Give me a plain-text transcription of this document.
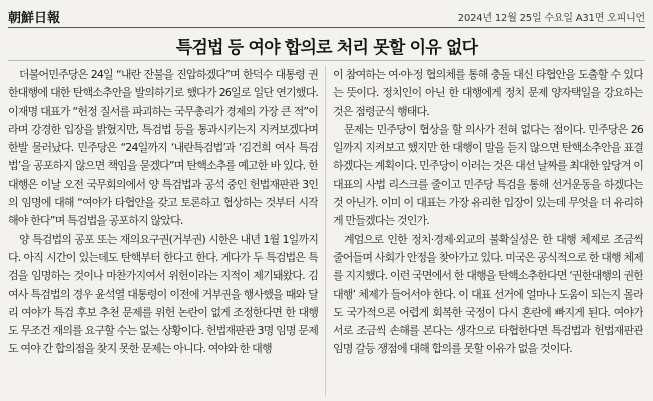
朝鮮日報	2024년 12월 25일 수요일 A31면 오피니언
특검법 등 여야 합의로 처리 못할 이유 없다

더불어민주당은 24일 “내란 잔불을 진압하겠다”며 한덕수 대통령 권한대행에 대한 탄핵소추안을 발의하기로 했다가 26일로 일단 연기했다. 이재명 대표가 “헌정 질서를 파괴하는 국무총리가 경제의 가장 큰 적”이라며 강경한 입장을 밝혔지만, 특검법 등을 통과시키는지 지켜보겠다며 한발 물러났다. 민주당은 “24일까지 ‘내란특검법’과 ‘김건희 여사 특검법’을 공포하지 않으면 책임을 묻겠다”며 탄핵소추를 예고한 바 있다. 한 대행은 이날 오전 국무회의에서 양 특검법과 공석 중인 헌법재판관 3인의 임명에 대해 “여야가 타협안을 갖고 토론하고 협상하는 것부터 시작해야 한다”며 특검법을 공포하지 않았다.

양 특검법의 공포 또는 재의요구권(거부권) 시한은 내년 1월 1일까지다. 아직 시간이 있는데도 탄핵부터 한다고 한다. 게다가 두 특검법은 특검을 임명하는 것이나 마찬가지여서 위헌이라는 지적이 제기돼왔다. 김 여사 특검법의 경우 윤석열 대통령이 이전에 거부권을 행사했을 때와 달리 여야가 특검 후보 추천 문제를 위헌 논란이 없게 조정한다면 한 대행도 무조건 재의를 요구할 수는 없는 상황이다. 헌법재판관 3명 임명 문제도 여야 간 합의점을 찾지 못한 문제는 아니다. 여야와 한 대행

이 참여하는 여·야·정 협의체를 통해 충돌 대신 타협안을 도출할 수 있다는 뜻이다. 정치인이 아닌 한 대행에게 정치 문제 양자택일을 강요하는 것은 점령군식 행태다.

문제는 민주당이 협상을 할 의사가 전혀 없다는 점이다. 민주당은 26일까지 지켜보고 했지만 한 대행이 말을 듣지 않으면 탄핵소추안을 표결하겠다는 계획이다. 민주당이 이러는 것은 대선 날짜를 최대한 앞당겨 이 대표의 사법 리스크를 줄이고 민주당 특검을 통해 선거운동을 하겠다는 것 아닌가. 이미 이 대표는 가장 유리한 입장이 있는데 무엇을 더 유리하게 만들겠다는 것인가.

계엄으로 인한 정치·경제·외교의 불확실성은 한 대행 체제로 조금씩 줄어들며 사회가 안정을 찾아가고 있다. 미국은 공식적으로 한 대행 체제를 지지했다. 이런 국면에서 한 대행을 탄핵소추한다면 ‘권한대행의 권한대행’ 체제가 들어서야 한다. 이 대표 선거에 얼마나 도움이 되는지 몰라도 국가적으론 어렵게 회복한 국정이 다시 혼란에 빠지게 된다. 여야가 서로 조금씩 손해를 본다는 생각으로 타협한다면 특검법과 헌법재판관 임명 갈등 쟁점에 대해 합의를 못할 이유가 없을 것이다.
